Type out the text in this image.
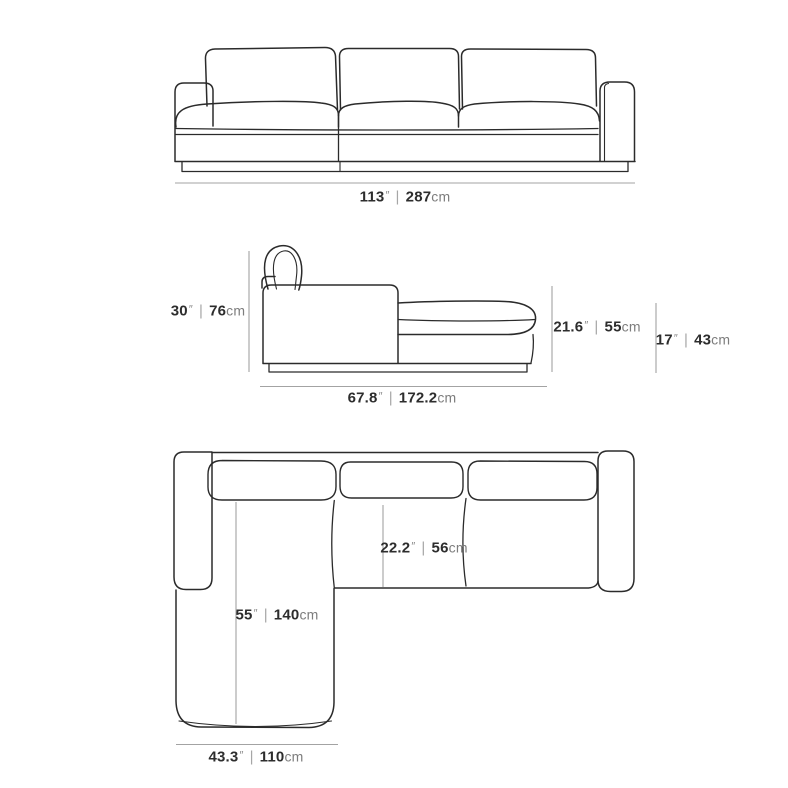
113″ | 287cm
30″ | 76cm
21.6″ | 55cm
17″ | 43cm
67.8″ | 172.2cm
22.2″ | 56cm
55″ | 140cm
43.3″ | 110cm
